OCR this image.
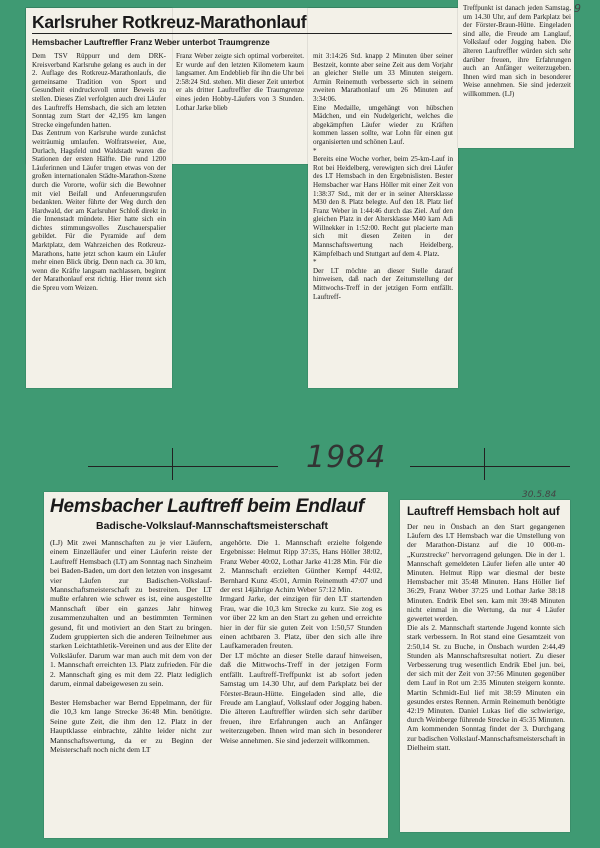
9
Karlsruher Rotkreuz-Marathonlauf
Hemsbacher Lauftreffler Franz Weber unterbot Traumgrenze
Dem TSV Rüppurr und dem DRK-Kreisverband Karlsruhe gelang es auch in der 2. Auflage des Rotkreuz-Marathonlaufs, die gemeinsame Tradition von Sport und Gesundheit eindrucksvoll unter Beweis zu stellen. Dieses Ziel verfolgten auch drei Läufer des Lauftreffs Hemsbach, die sich am letzten Sonntag zum Start der 42,195 km langen Strecke eingefunden hatten.
Das Zentrum von Karlsruhe wurde zunächst weiträumig umlaufen. Wolfratsweier, Aue, Durlach, Hagsfeld und Waldstadt waren die Stationen der ersten Hälfte. Die rund 1200 Läuferinnen und Läufer trugen etwas von der großen internationalen Städte-Marathon-Szene durch die Vororte, wofür sich die Bewohner mit viel Beifall und Anfeuerungsrufen bedankten. Weiter führte der Weg durch den Hardwald, der am Karlsruher Schloß direkt in die Innenstadt mündete. Hier hatte sich ein dichtes stimmungsvolles Zuschauerspalier gebildet. Für die Pyramide auf dem Marktplatz, dem Wahrzeichen des Rotkreuz-Marathons, hatte jetzt schon kaum ein Läufer mehr einen Blick übrig. Denn nach ca. 30 km, wenn die Kräfte langsam nachlassen, beginnt der Marathonlauf erst richtig. Hier trennt sich die Spreu vom Weizen.
Franz Weber zeigte sich optimal vorbereitet. Er wurde auf den letzten Kilometern kaum langsamer. Am Endeblieb für ihn die Uhr bei 2:58:24 Std. stehen. Mit dieser Zeit unterbot er als dritter Lauftreffler die Traumgrenze eines jeden Hobby-Läufers von 3 Stunden. Lothar Jarke blieb
mit 3:14:26 Std. knapp 2 Minuten über seiner Bestzeit, konnte aber seine Zeit aus dem Vorjahr an gleicher Stelle um 33 Minuten steigern. Armin Reinemuth verbesserte sich in seinem zweiten Marathonlauf um 26 Minuten auf 3:34:06.
Eine Medaille, umgehängt von hübschen Mädchen, und ein Nudelgericht, welches die abgekämpften Läufer wieder zu Kräften kommen lassen sollte, war Lohn für einen gut organisierten und schönen Lauf.
*
Bereits eine Woche vorher, beim 25-km-Lauf in Rot bei Heidelberg, verewigten sich drei Läufer des LT Hemsbach in den Ergebnislisten. Bester Hemsbacher war Hans Höller mit einer Zeit von 1:38:37 Std., mit der er in seiner Altersklasse M30 den 8. Platz belegte. Auf den 18. Platz lief Franz Weber in 1:44:46 durch das Ziel. Auf den gleichen Platz in der Altersklasse M40 kam Adi Willnekker in 1:52:00. Recht gut placierte man sich mit diesen Zeiten in der Mannschaftswertung nach Heidelberg, Kämpfelbach und Stuttgart auf dem 4. Platz.
*
Der LT möchte an dieser Stelle darauf hinweisen, daß nach der Zeitumstellung der Mittwochs-Treff in der jetzigen Form entfällt. Lauftreff-
Treffpunkt ist danach jeden Samstag, um 14.30 Uhr, auf dem Parkplatz bei der Förster-Braun-Hütte. Eingeladen sind alle, die Freude am Langlauf, Volkslauf oder Jogging haben. Die älteren Lauftreffler würden sich sehr darüber freuen, ihre Erfahrungen auch an Anfänger weiterzugeben. Ihnen wird man sich in besonderer Weise annehmen. Sie sind jederzeit willkommen. (LJ)
1984
Hemsbacher Lauftreff beim Endlauf
Badische-Volkslauf-Mannschaftsmeisterschaft
(LJ) Mit zwei Mannschaften zu je vier Läufern, einem Einzelläufer und einer Läuferin reiste der Lauftreff Hemsbach (LT) am Sonntag nach Sinzheim bei Baden-Baden, um dort den letzten von insgesamt vier Läufen zur Badischen-Volkslauf-Mannschaftsmeisterschaft zu bestreiten. Der LT mußte erfahren wie schwer es ist, eine ausgestellte Mannschaft über ein ganzes Jahr hinweg zusammenzuhalten und an bestimmten Terminen gesund, fit und motiviert an den Start zu bringen. Zudem gruppierten sich die anderen Teilnehmer aus starken Leichtathletik-Vereinen und aus der Elite der Volksläufer. Darum war man auch mit dem von der 1. Mannschaft erreichten 13. Platz zufrieden. Für die 2. Mannschaft ging es mit dem 22. Platz lediglich darum, einmal dabeigewesen zu sein.

Bester Hemsbacher war Bernd Eppelmann, der für die 10,3 km lange Strecke 36:48 Min. benötigte. Seine gute Zeit, die ihm den 12. Platz in der Hauptklasse einbrachte, zählte leider nicht zur Mannschaftswertung, da er zu Beginn der Meisterschaft noch nicht dem LT
angehörte. Die 1. Mannschaft erzielte folgende Ergebnisse: Helmut Ripp 37:35, Hans Höller 38:02, Franz Weber 40:02, Lothar Jarke 41:28 Min. Für die 2. Mannschaft erzielten Günther Kempf 44:02, Bernhard Kunz 45:01, Armin Reinemuth 47:07 und der erst 14jährige Achim Weber 57:12 Min.
Irmgard Jarke, der einzigen für den LT startenden Frau, war die 10,3 km Strecke zu kurz. Sie zog es vor über 22 km an den Start zu gehen und erreichte hier in der für sie guten Zeit von 1:50,57 Stunden einen achtbaren 3. Platz, über den sich alle ihre Laufkameraden freuten.
Der LT möchte an dieser Stelle darauf hinweisen, daß die Mittwochs-Treff in der jetzigen Form entfällt. Lauftreff-Treffpunkt ist ab sofort jeden Samstag um 14.30 Uhr, auf dem Parkplatz bei der Förster-Braun-Hütte. Eingeladen sind alle, die Freude am Langlauf, Volkslauf oder Jogging haben. Die älteren Lauftreffler würden sich sehr darüber freuen, ihre Erfahrungen auch an Anfänger weiterzugeben. Ihnen wird man sich in besonderer Weise annehmen. Sie sind jederzeit willkommen.
30.5.84
Lauftreff Hemsbach holt auf
Der neu in Önsbach an den Start gegangenen Läufern des LT Hemsbach war die Umstellung von der Marathon-Distanz auf die 10 000-m-„Kurzstrecke" hervorragend gelungen. Die in der 1. Mannschaft gemeldeten Läufer liefen alle unter 40 Minuten. Helmut Ripp war diesmal der beste Hemsbacher mit 35:48 Minuten. Hans Höller lief 36:29, Franz Weber 37:25 und Lothar Jarke 38:18 Minuten. Endrik Ebel sen. kam mit 39:48 Minuten nicht einmal in die Wertung, da nur 4 Läufer gewertet werden.
Die als 2. Mannschaft startende Jugend konnte sich stark verbessern. In Rot stand eine Gesamtzeit von 2:50,14 St. zu Buche, in Önsbach wurden 2:44,49 Stunden als Mannschaftsresultat notiert. Zu dieser Verbesserung trug wesentlich Endrik Ebel jun. bei, der sich mit der Zeit von 37:56 Minuten gegenüber dem Lauf in Rot um 2:35 Minuten steigern konnte. Martin Schmidt-Eul lief mit 38:59 Minuten ein gesundes erstes Rennen. Armin Reinemuth benötigte 42:19 Minuten. Daniel Lukas lief die schwierige, durch Weinberge führende Strecke in 45:35 Minuten. Am kommenden Sonntag findet der 3. Durchgang zur badischen Volkslauf-Mannschaftsmeisterschaft in Dielheim statt.
